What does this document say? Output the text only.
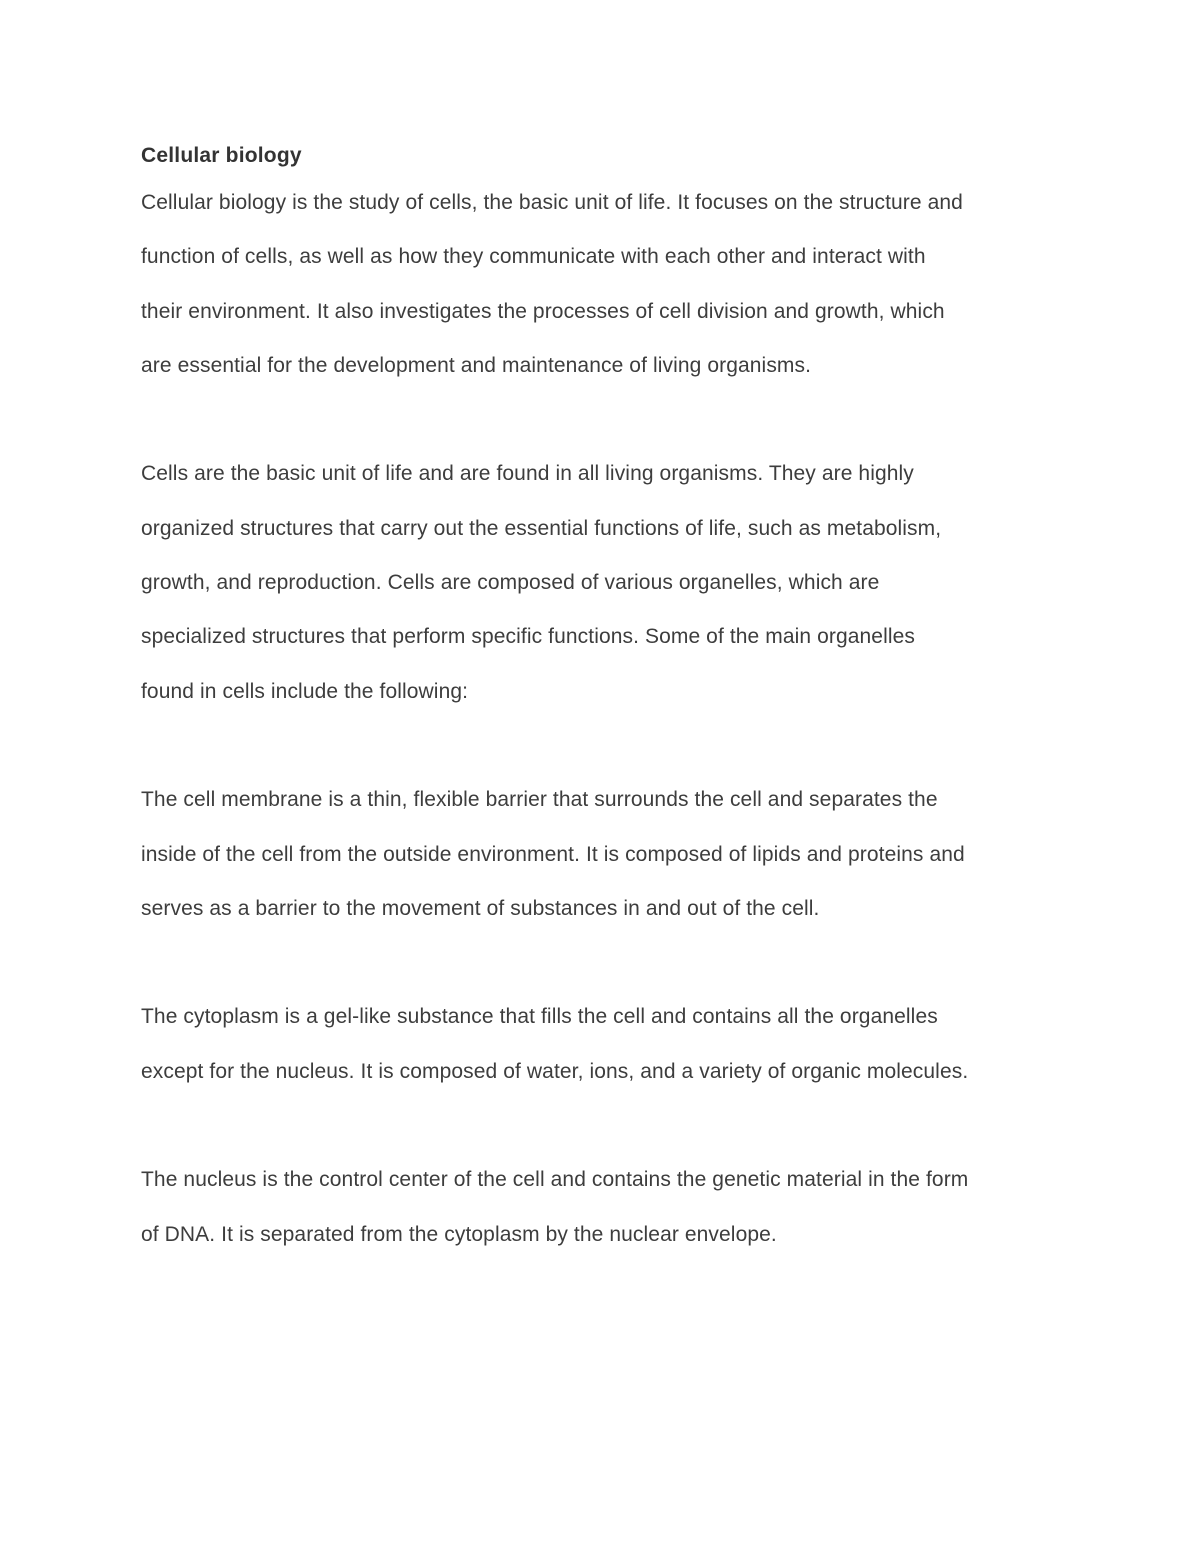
Cellular biology

Cellular biology is the study of cells, the basic unit of life. It focuses on the structure and
function of cells, as well as how they communicate with each other and interact with
their environment. It also investigates the processes of cell division and growth, which
are essential for the development and maintenance of living organisms.

Cells are the basic unit of life and are found in all living organisms. They are highly
organized structures that carry out the essential functions of life, such as metabolism,
growth, and reproduction. Cells are composed of various organelles, which are
specialized structures that perform specific functions. Some of the main organelles
found in cells include the following:

The cell membrane is a thin, flexible barrier that surrounds the cell and separates the
inside of the cell from the outside environment. It is composed of lipids and proteins and
serves as a barrier to the movement of substances in and out of the cell.

The cytoplasm is a gel-like substance that fills the cell and contains all the organelles
except for the nucleus. It is composed of water, ions, and a variety of organic molecules.

The nucleus is the control center of the cell and contains the genetic material in the form
of DNA. It is separated from the cytoplasm by the nuclear envelope.
